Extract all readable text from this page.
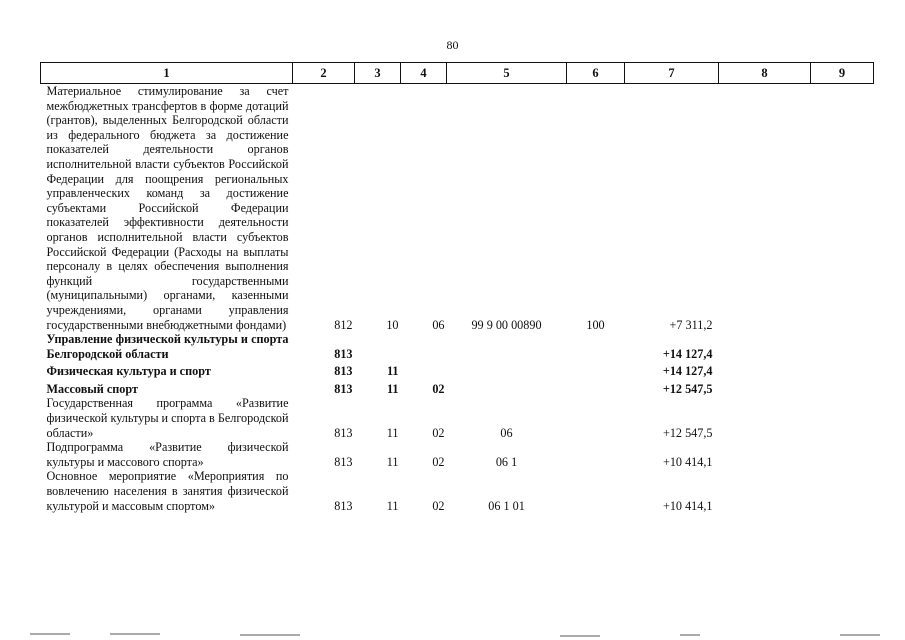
80
1	2	3	4	5	6	7	8	9
Материальное стимулирование за счет межбюджетных трансфертов в форме дотаций (грантов), выделенных Белгородской области из федерального бюджета за достижение показателей деятельности органов исполнительной власти субъектов Российской Федерации для поощрения региональных управленческих команд за достижение субъектами Российской Федерации показателей эффективности деятельности органов исполнительной власти субъектов Российской Федерации (Расходы на выплаты персоналу в целях обеспечения выполнения функций государственными (муниципальными) органами, казенными учреждениями, органами управления государственными внебюджетными фондами)	812	10	06	99 9 00 00890	100	+7 311,2		
Управление физической культуры и спорта Белгородской области	813					+14 127,4		
Физическая культура и спорт	813	11				+14 127,4		
Массовый спорт	813	11	02			+12 547,5		
Государственная программа «Развитие физической культуры и спорта в Белгородской области»	813	11	02	06		+12 547,5		
Подпрограмма «Развитие физической культуры и массового спорта»	813	11	02	06 1		+10 414,1		
Основное мероприятие «Мероприятия по вовлечению населения в занятия физической культурой и массовым спортом»	813	11	02	06 1 01		+10 414,1		
